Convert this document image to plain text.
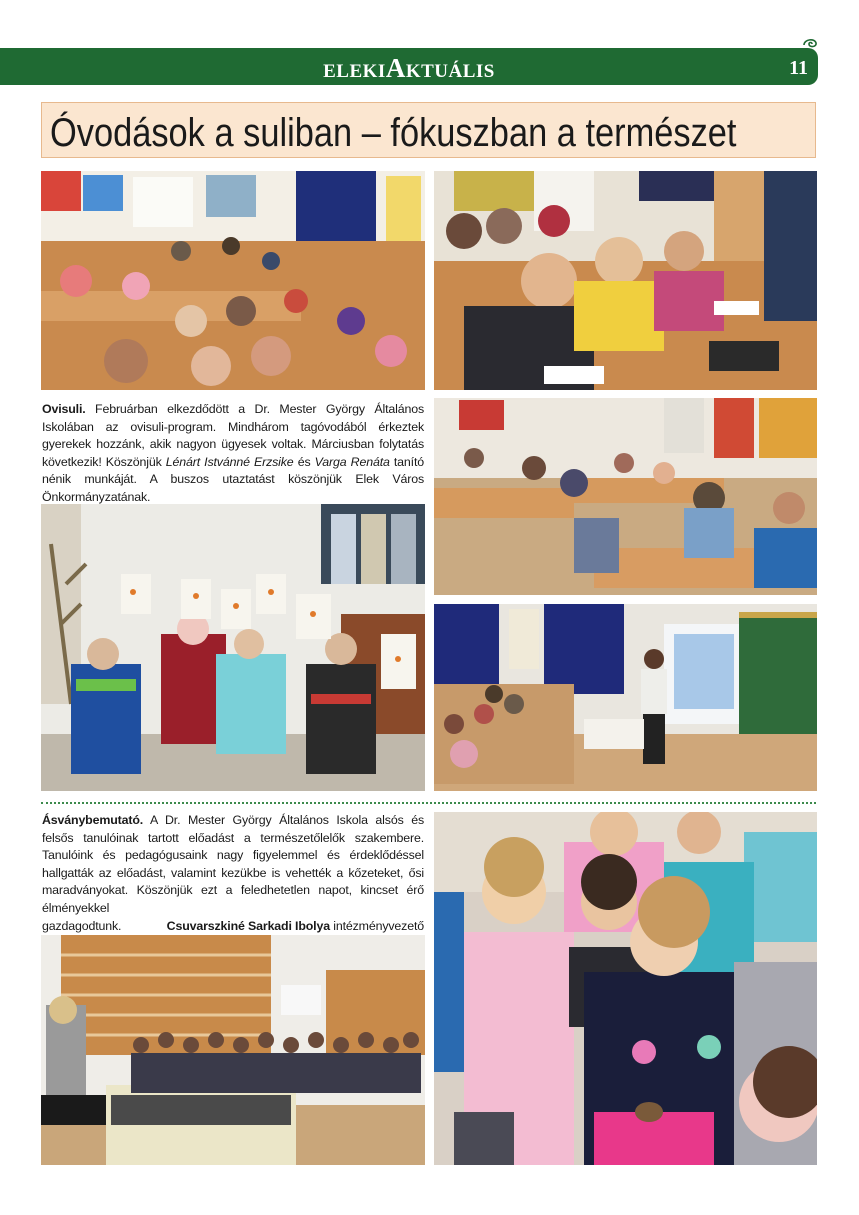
ELEKIAKTUÁLIS	11
Óvodások a suliban – fókuszban a természet
Ovisuli. Februárban elkezdődött a Dr. Mester György Általános Iskolában az ovisuli-program. Mindhárom tagóvodából érkeztek gyerekek hozzánk, akik nagyon ügyesek voltak. Márciusban folytatás következik! Köszönjük Lénárt Istvánné Erzsike és Varga Renáta tanító nénik munkáját. A buszos utaztatást köszönjük Elek Város Önkormányzatának.
Ásványbemutató. A Dr. Mester György Általános Iskola alsós és felsős tanulóinak tartott előadást a természetőlelők szakembere. Tanulóink és pedagógusaink nagy figyelemmel és érdeklődéssel hallgatták az előadást, valamint kezükbe is vehették a kőzeteket, ősi maradványokat. Köszönjük ezt a feledhetetlen napot, kincset érő élményekkel
gazdagodtunk.	Csuvarszkiné Sarkadi Ibolya intézményvezető
